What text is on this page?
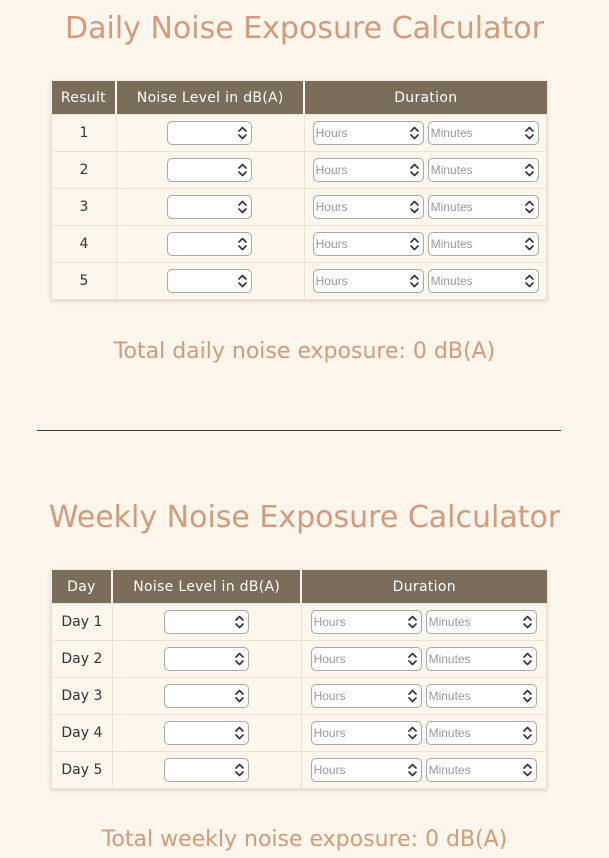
Daily Noise Exposure Calculator
Result	Noise Level in dB(A)	Duration
1		Hours Minutes

2		Hours Minutes

3		Hours Minutes

4		Hours Minutes

5		Hours Minutes
Total daily noise exposure: 0 dB(A)
Weekly Noise Exposure Calculator
Day	Noise Level in dB(A)	Duration
Day 1		Hours Minutes

Day 2		Hours Minutes

Day 3		Hours Minutes

Day 4		Hours Minutes

Day 5		Hours Minutes
Total weekly noise exposure: 0 dB(A)
